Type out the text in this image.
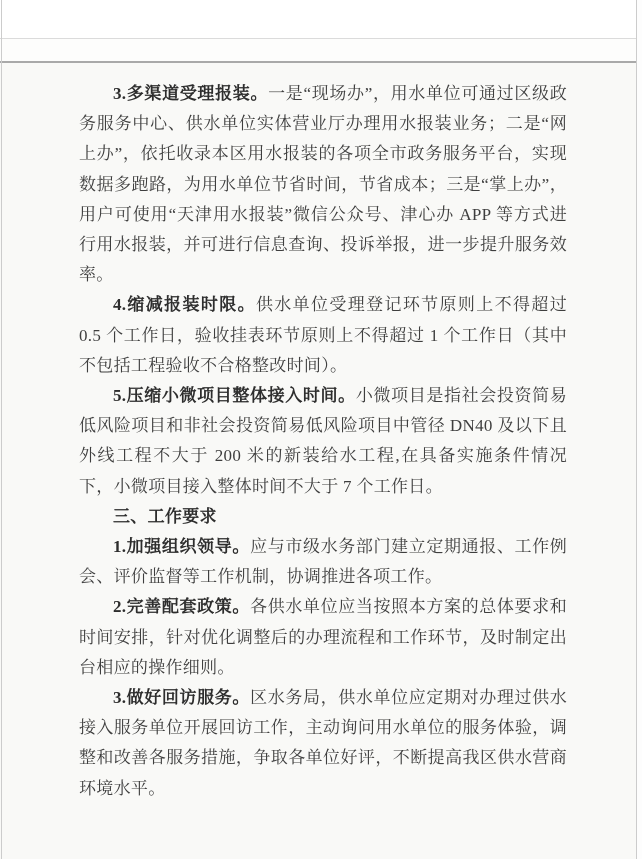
3.多渠道受理报装。一是“现场办”，用水单位可通过区级政务服务中心、供水单位实体营业厅办理用水报装业务；二是“网上办”，依托收录本区用水报装的各项全市政务服务平台，实现数据多跑路，为用水单位节省时间，节省成本；三是“掌上办”，用户可使用“天津用水报装”微信公众号、津心办 APP 等方式进行用水报装，并可进行信息查询、投诉举报，进一步提升服务效率。

4.缩减报装时限。供水单位受理登记环节原则上不得超过 0.5 个工作日，验收挂表环节原则上不得超过 1 个工作日（其中不包括工程验收不合格整改时间）。

5.压缩小微项目整体接入时间。小微项目是指社会投资简易低风险项目和非社会投资简易低风险项目中管径 DN40 及以下且外线工程不大于 200 米的新装给水工程,在具备实施条件情况下，小微项目接入整体时间不大于 7 个工作日。

三、工作要求

1.加强组织领导。应与市级水务部门建立定期通报、工作例会、评价监督等工作机制，协调推进各项工作。

2.完善配套政策。各供水单位应当按照本方案的总体要求和时间安排，针对优化调整后的办理流程和工作环节，及时制定出台相应的操作细则。

3.做好回访服务。区水务局，供水单位应定期对办理过供水接入服务单位开展回访工作，主动询问用水单位的服务体验，调整和改善各服务措施，争取各单位好评，不断提高我区供水营商环境水平。
